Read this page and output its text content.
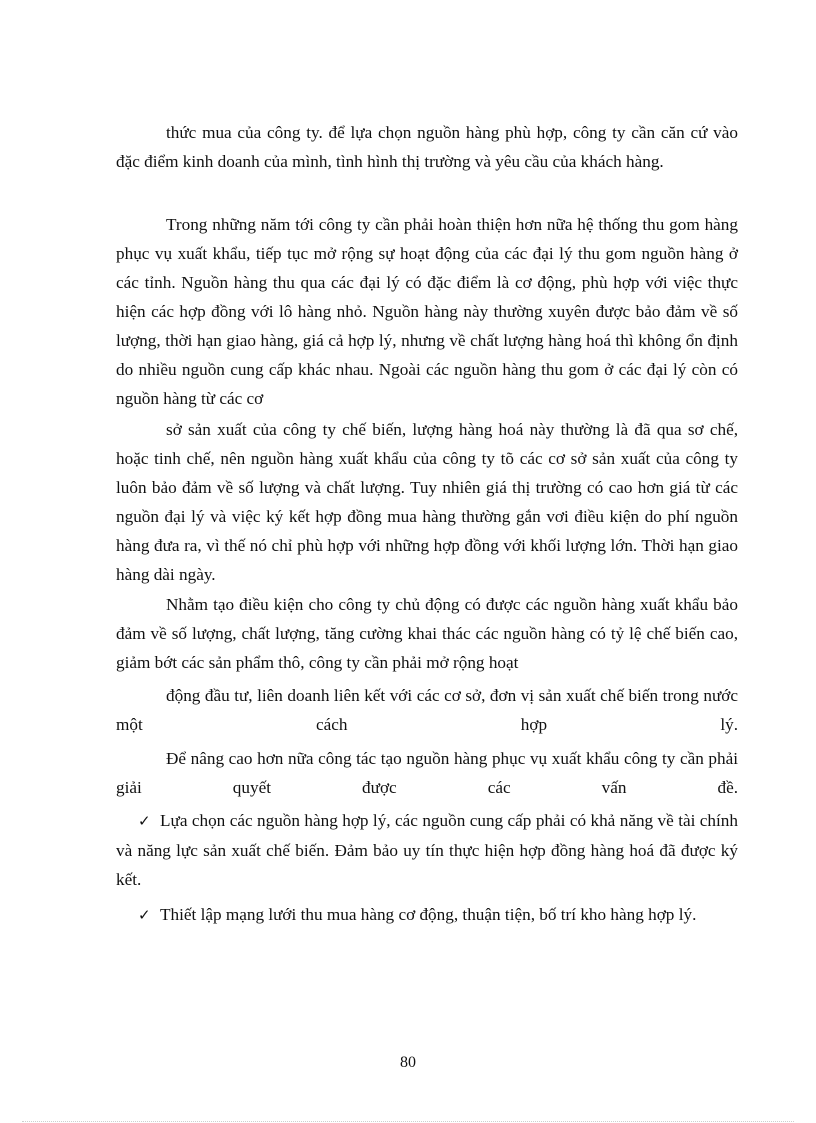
thức mua của công ty. để lựa chọn nguồn hàng phù hợp, công ty cần căn cứ vào đặc điểm kinh doanh của mình, tình hình thị trường và yêu cầu của khách hàng.

Trong những năm tới công ty cần phải hoàn thiện hơn nữa hệ thống thu gom hàng phục vụ xuất khẩu, tiếp tục mở rộng sự hoạt động của các đại lý thu gom nguồn hàng ở các tỉnh. Nguồn hàng thu qua các đại lý có đặc điểm là cơ động, phù hợp với việc thực hiện các hợp đồng với lô hàng nhỏ. Nguồn hàng này thường xuyên được bảo đảm về số lượng, thời hạn giao hàng, giá cả hợp lý, nhưng về chất lượng hàng hoá thì không ổn định do nhiều nguồn cung cấp khác nhau. Ngoài các nguồn hàng thu gom ở các đại lý còn có nguồn hàng từ các cơ

sở sản xuất của công ty chế biến, lượng hàng hoá này thường là đã qua sơ chế, hoặc tinh chế, nên nguồn hàng xuất khẩu của công ty tõ các cơ sở sản xuất của công ty luôn bảo đảm về số lượng và chất lượng. Tuy nhiên giá thị trường có cao hơn giá từ các nguồn đại lý và việc ký kết hợp đồng mua hàng thường gắn vơi điều kiện do phí nguồn hàng đưa ra, vì thế nó chỉ phù hợp với những hợp đồng với khối lượng lớn. Thời hạn giao hàng dài ngày.

Nhằm tạo điều kiện cho công ty chủ động có được các nguồn hàng xuất khẩu bảo đảm về số lượng, chất lượng, tăng cường khai thác các nguồn hàng có tỷ lệ chế biến cao, giảm bớt các sản phẩm thô, công ty cần phải mở rộng hoạt

động đầu tư, liên doanh liên kết với các cơ sở, đơn vị sản xuất chế biến trong nước một cách hợp lý.

Để nâng cao hơn nữa công tác tạo nguồn hàng phục vụ xuất khẩu công ty cần phải giải quyết được các vấn đề.

✓ Lựa chọn các nguồn hàng hợp lý, các nguồn cung cấp phải có khả năng về tài chính và năng lực sản xuất chế biến. Đảm bảo uy tín thực hiện hợp đồng hàng hoá đã được ký kết.

✓ Thiết lập mạng lưới thu mua hàng cơ động, thuận tiện, bố trí kho hàng hợp lý.

80
